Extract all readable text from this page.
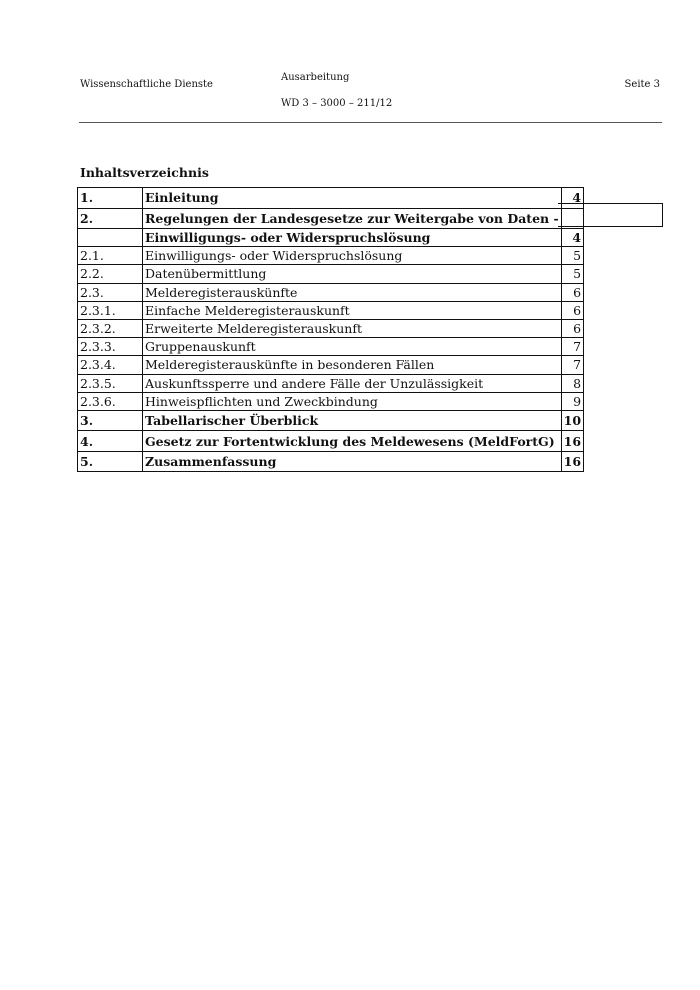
Wissenschaftliche Dienste
Ausarbeitung
WD 3 – 3000 – 211/12
Seite 3
Inhaltsverzeichnis
1.	Einleitung	4
2.	Regelungen der Landesgesetze zur Weitergabe von Daten -	
	Einwilligungs- oder Widerspruchslösung	4
2.1.	Einwilligungs- oder Widerspruchslösung	5
2.2.	Datenübermittlung	5
2.3.	Melderegisterauskünfte	6
2.3.1.	Einfache Melderegisterauskunft	6
2.3.2.	Erweiterte Melderegisterauskunft	6
2.3.3.	Gruppenauskunft	7
2.3.4.	Melderegisterauskünfte in besonderen Fällen	7
2.3.5.	Auskunftssperre und andere Fälle der Unzulässigkeit	8
2.3.6.	Hinweispflichten und Zweckbindung	9
3.	Tabellarischer Überblick	10
4.	Gesetz zur Fortentwicklung des Meldewesens (MeldFortG)	16
5.	Zusammenfassung	16
